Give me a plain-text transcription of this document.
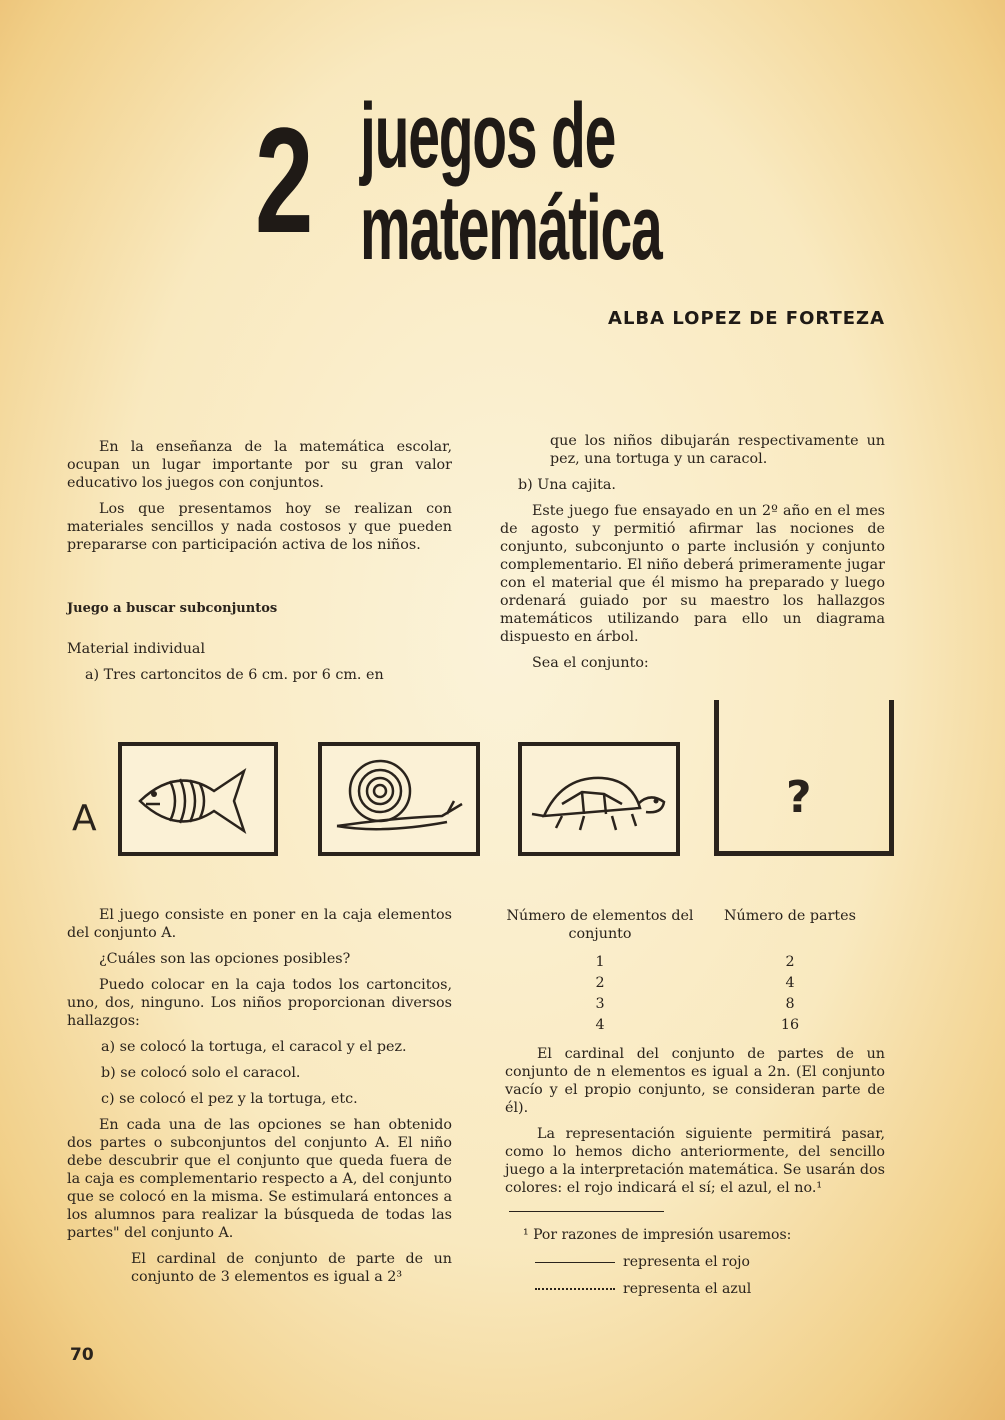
2 juegos de
matemática
ALBA LOPEZ DE FORTEZA

En la enseñanza de la matemática escolar, ocupan un lugar importante por su gran valor educativo los juegos con conjuntos.

Los que presentamos hoy se realizan con materiales sencillos y nada costosos y que pueden prepararse con participación activa de los niños.

Juego a buscar subconjuntos

Material individual

a) Tres cartoncitos de 6 cm. por 6 cm. en

que los niños dibujarán respectivamente un pez, una tortuga y un caracol.

b) Una cajita.

Este juego fue ensayado en un 2º año en el mes de agosto y permitió afirmar las nociones de conjunto, subconjunto o parte inclusión y conjunto complementario. El niño deberá primeramente jugar con el material que él mismo ha preparado y luego ordenará guiado por su maestro los hallazgos matemáticos utilizando para ello un diagrama dispuesto en árbol.

Sea el conjunto:

A	?

El juego consiste en poner en la caja elementos del conjunto A.

¿Cuáles son las opciones posibles?

Puedo colocar en la caja todos los cartoncitos, uno, dos, ninguno. Los niños proporcionan diversos hallazgos:

a) se colocó la tortuga, el caracol y el pez.

b) se colocó solo el caracol.

c) se colocó el pez y la tortuga, etc.

En cada una de las opciones se han obtenido dos partes o subconjuntos del conjunto A. El niño debe descubrir que el conjunto que queda fuera de la caja es complementario respecto a A, del conjunto que se colocó en la misma. Se estimulará entonces a los alumnos para realizar la búsqueda de todas las partes" del conjunto A.

El cardinal de conjunto de parte de un conjunto de 3 elementos es igual a 2³

Número de elementos del conjunto	Número de partes
1	2
2	4
3	8
4	16

El cardinal del conjunto de partes de un conjunto de n elementos es igual a 2n. (El conjunto vacío y el propio conjunto, se consideran parte de él).

La representación siguiente permitirá pasar, como lo hemos dicho anteriormente, del sencillo juego a la interpretación matemática. Se usarán dos colores: el rojo indicará el sí; el azul, el no.¹

¹ Por razones de impresión usaremos:
representa el rojo
representa el azul
70
